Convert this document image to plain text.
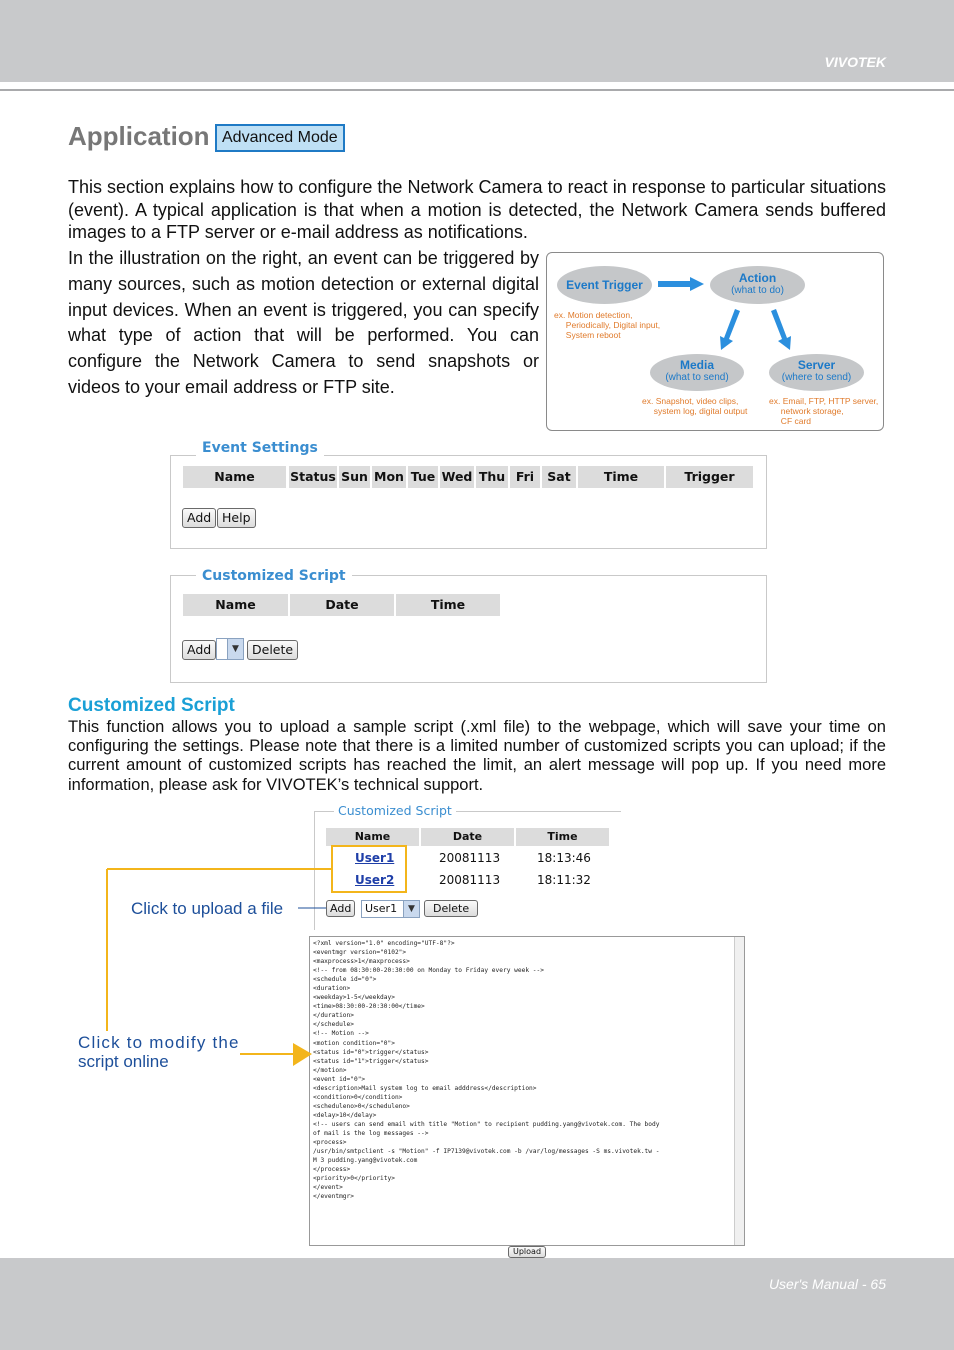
VIVOTEK
Application Advanced Mode
This section explains how to configure the Network Camera to react in response to particular situations (event). A typical application is that when a motion is detected, the Network Camera sends buffered images to a FTP server or e-mail address as notifications.
In the illustration on the right, an event can be triggered by many sources, such as motion detection or external digital input devices. When an event is triggered, you can specify what type of action that will be performed. You can configure the Network Camera to send snapshots or videos to your email address or FTP site.
Event Trigger	Action
(what to do)
ex. Motion detection,
Periodically, Digital input,
System reboot
Media
(what to send)
Server
(where to send)
ex. Snapshot, video clips,
system log, digital output
ex. Email, FTP, HTTP server,
network storage,
CF card
Event Settings
Name	Status Sun Mon Tue Wed Thu Fri	Sat	Time	Trigger
Add Help
Customized Script
Name	Date	Time
Add	▼	Delete
Customized Script
This function allows you to upload a sample script (.xml file) to the webpage, which will save your time on configuring the settings. Please note that there is a limited number of customized scripts you can upload; if the current amount of customized scripts has reached the limit, an alert message will pop up. If you need more information, please ask for VIVOTEK’s technical support.
Customized Script
Name	Date	Time
User1	20081113	18:13:46
User2	20081113	18:11:32
Add	User1	▼	Delete
<?xml version="1.0" encoding="UTF-8"?>
<eventmgr version="0102">
<maxprocess>1</maxprocess>
<!-- from 08:30:00-20:30:00 on Monday to Friday every week -->
<schedule id="0">
<duration>
<weekday>1-5</weekday>
<time>08:30:00-20:30:00</time>
</duration>
</schedule>
<!-- Motion -->
<motion condition="0">
<status id="0">trigger</status>
<status id="1">trigger</status>
</motion>
<event id="0">
<description>Mail system log to email adddress</description>
<condition>0</condition>
<scheduleno>0</scheduleno>
<delay>10</delay>
<!-- users can send email with title "Motion" to recipient pudding.yang@vivotek.com. The body
of mail is the log messages -->
<process>
/usr/bin/smtpclient -s "Motion" -f IP7139@vivotek.com -b /var/log/messages -S ms.vivotek.tw -
M 3 pudding.yang@vivotek.com
</process>
<priority>0</priority>
</event>
</eventmgr>
Upload
Click to upload a file
Click to modify the
script online
User's Manual - 65
